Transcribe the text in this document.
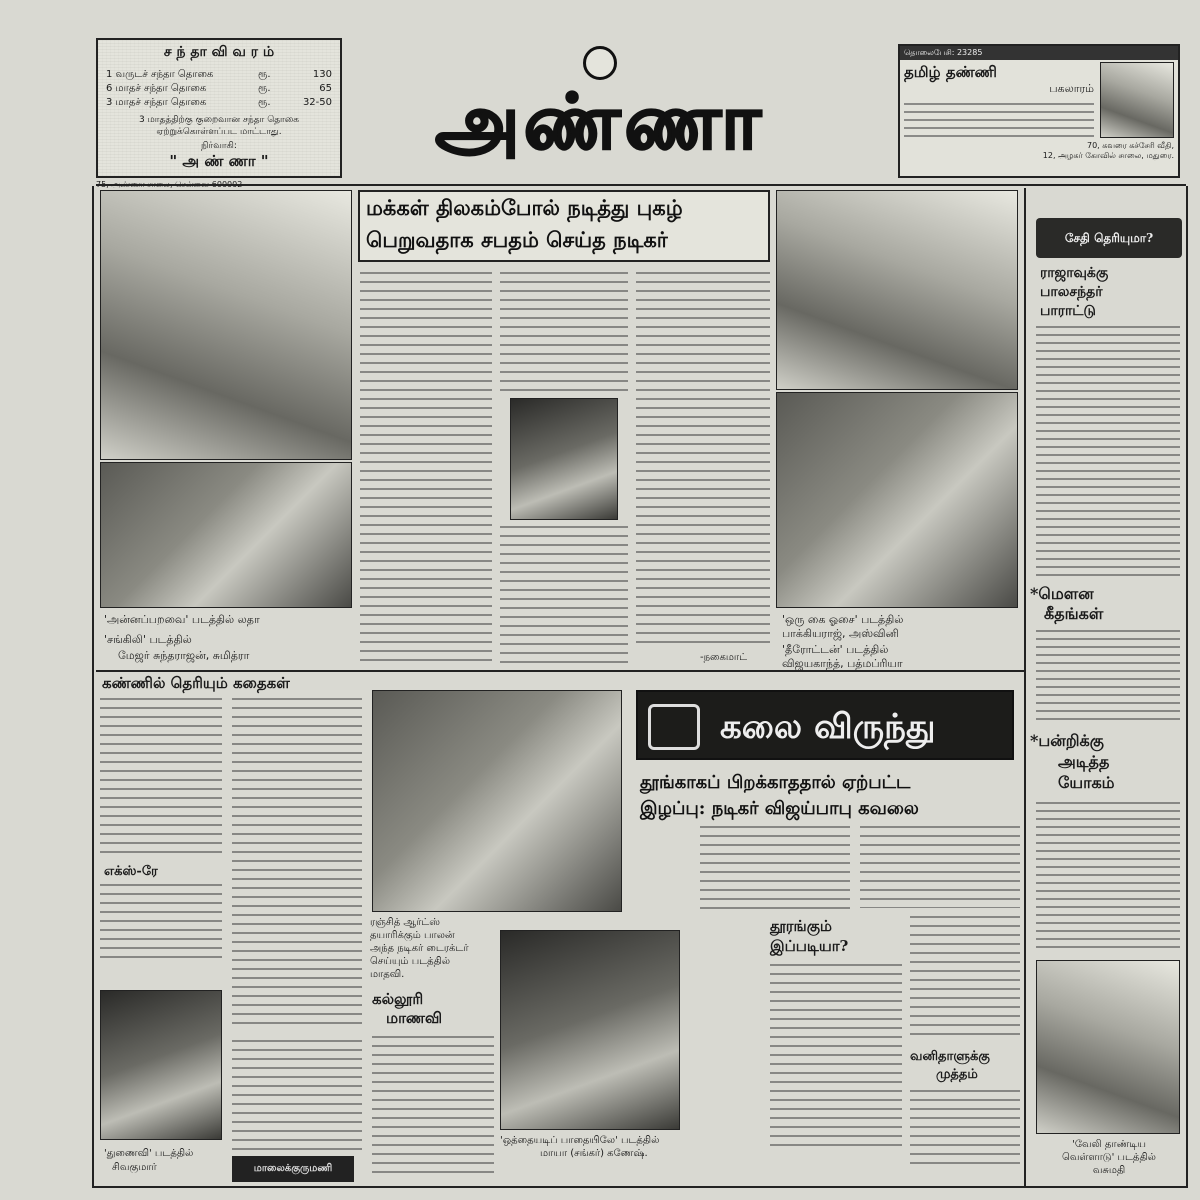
ச ந் தா வி வ ர ம்
1 வருடச் சந்தா தொகை	ரூ.	130
6 மாதச் சந்தா தொகை	ரூ.	65
3 மாதச் சந்தா தொகை	ரூ.	32-50
3 மாதத்திற்கு குறைவான சந்தா தொகை
ஏற்றுக்கொள்ளப்பட மாட்டாது.
நிர்வாகி:
" அ ண் ணா "	அண்ணா
தொலைபேசி: 23285
தமிழ் தண்ணி
பகலாரம்
70, கவரை கச்சேரி வீதி,
12, அழகர் கோவில் சாலை, மதுரை.
'அன்னப்பறவை' படத்தில் லதா
'சங்கிலி' படத்தில்
மேஜர் சுந்தராஜன், சுமித்ரா
மக்கள் திலகம்போல் நடித்து புகழ்
பெறுவதாக சபதம் செய்த நடிகர்
-நகைமாட்
'ஒரு கை ஓசை' படத்தில்
பாக்கியராஜ், அஸ்வினி
'தீரோட்டன்' படத்தில்
விஜயகாந்த், பத்மப்ரியா
சேதி தெரியுமா?
ராஜாவுக்கு
பாலசந்தர்
பாராட்டு
*மௌன
கீதங்கள்
*பன்றிக்கு
அடித்த
யோகம்
'வேலி தாண்டிய
வெள்ளாடு' படத்தில்
வசுமதி
கண்ணில் தெரியும் கதைகள்
எக்ஸ்-ரே
'துணைவி' படத்தில்
சிவகுமார்	மாலைக்குருமணி
ரஞ்சித் ஆர்ட்ஸ்
தயாரிக்கும் பாலன்
அந்த நடிகர் டைரக்டர்
செய்யும் படத்தில்
மாதவி.
கல்லூரி
மாணவி
'ஒத்தையடிப் பாதையிலே' படத்தில்
மாயா (சங்கர்) கணேஷ்.
கலை விருந்து
தூங்காகப் பிறக்காததால் ஏற்பட்ட
இழப்பு: நடிகர் விஜய்பாபு கவலை
தூரங்கும்
இப்படியா?
வனிதாளுக்கு
முத்தம்
